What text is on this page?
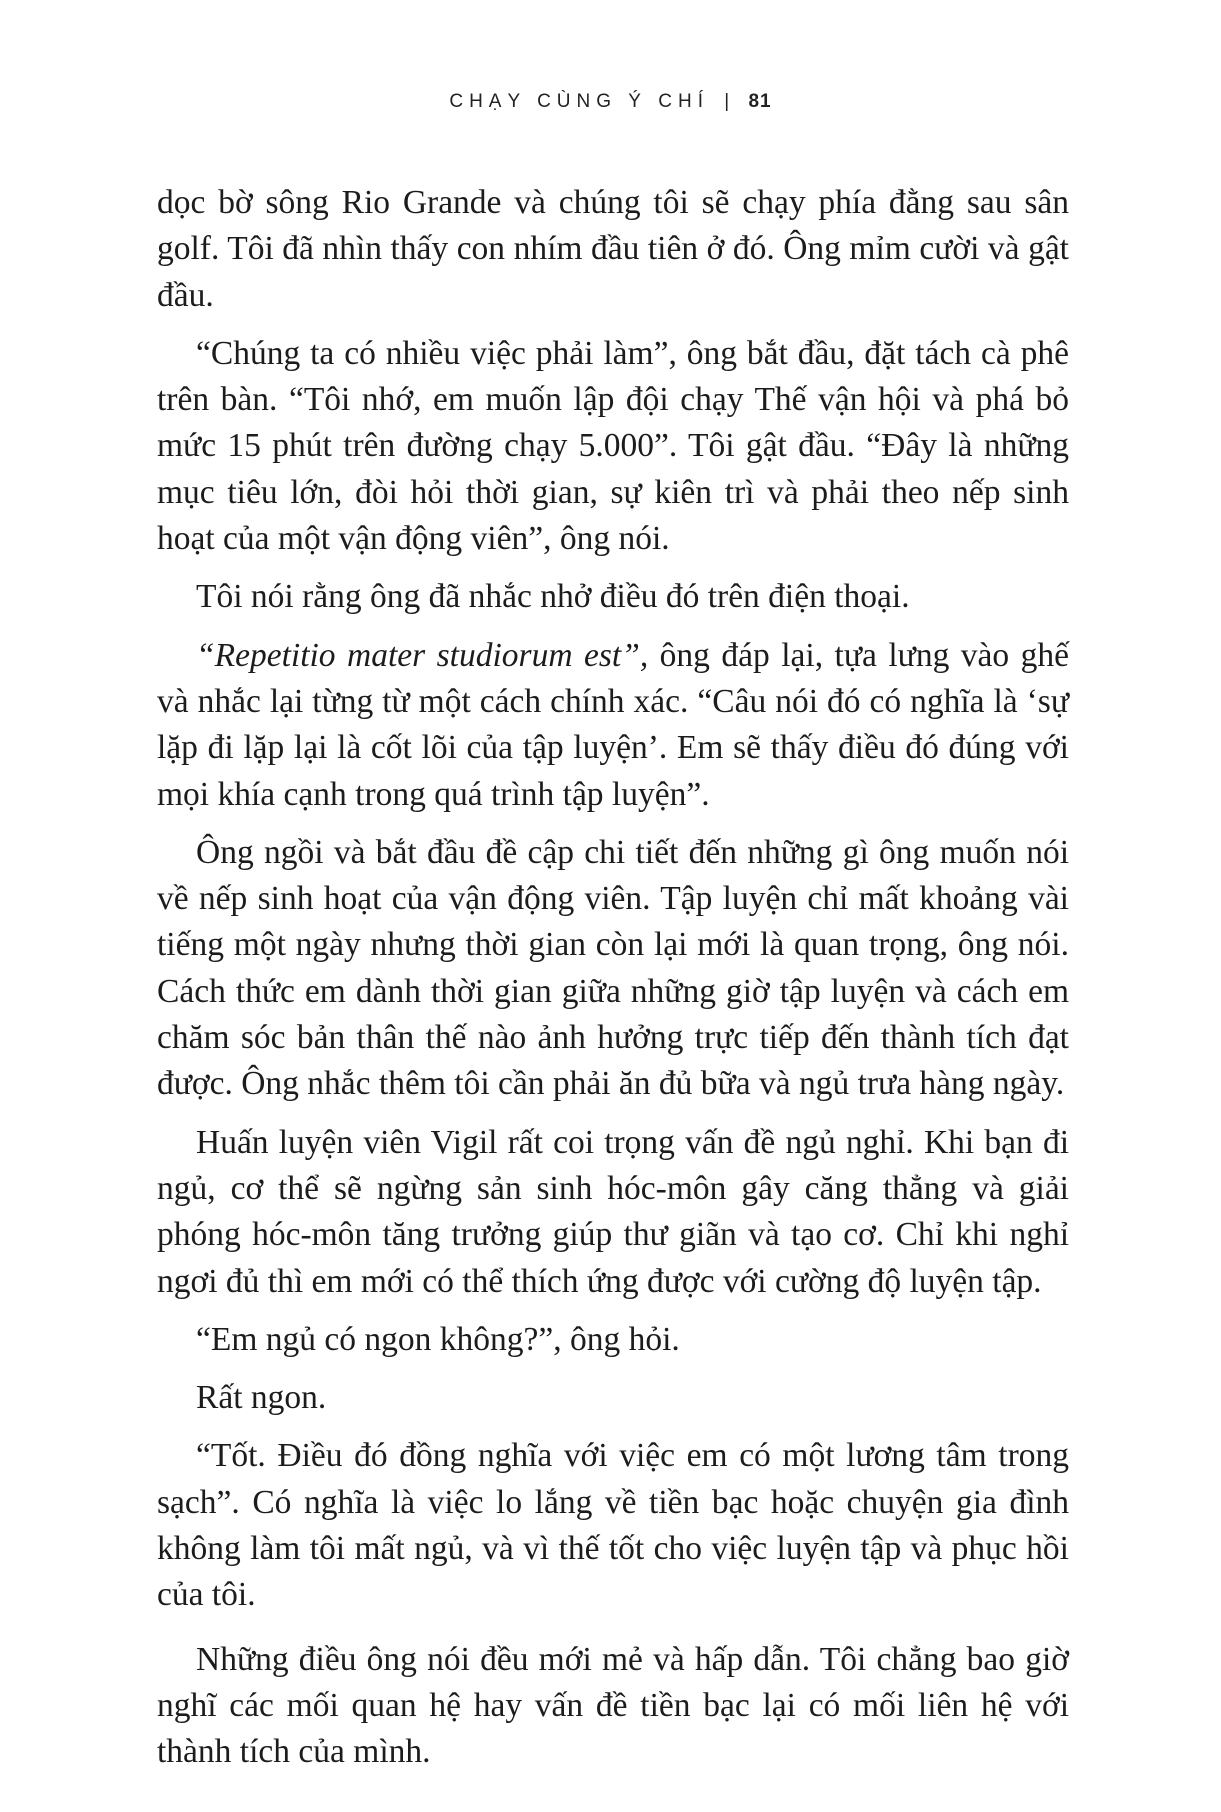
CHẠY CÙNG Ý CHÍ | 81

dọc bờ sông Rio Grande và chúng tôi sẽ chạy phía đằng sau sân golf. Tôi đã nhìn thấy con nhím đầu tiên ở đó. Ông mỉm cười và gật đầu.

“Chúng ta có nhiều việc phải làm”, ông bắt đầu, đặt tách cà phê trên bàn. “Tôi nhớ, em muốn lập đội chạy Thế vận hội và phá bỏ mức 15 phút trên đường chạy 5.000”. Tôi gật đầu. “Đây là những mục tiêu lớn, đòi hỏi thời gian, sự kiên trì và phải theo nếp sinh hoạt của một vận động viên”, ông nói.

Tôi nói rằng ông đã nhắc nhở điều đó trên điện thoại.

“Repetitio mater studiorum est”, ông đáp lại, tựa lưng vào ghế và nhắc lại từng từ một cách chính xác. “Câu nói đó có nghĩa là ‘sự lặp đi lặp lại là cốt lõi của tập luyện’. Em sẽ thấy điều đó đúng với mọi khía cạnh trong quá trình tập luyện”.

Ông ngồi và bắt đầu đề cập chi tiết đến những gì ông muốn nói về nếp sinh hoạt của vận động viên. Tập luyện chỉ mất khoảng vài tiếng một ngày nhưng thời gian còn lại mới là quan trọng, ông nói. Cách thức em dành thời gian giữa những giờ tập luyện và cách em chăm sóc bản thân thế nào ảnh hưởng trực tiếp đến thành tích đạt được. Ông nhắc thêm tôi cần phải ăn đủ bữa và ngủ trưa hàng ngày.

Huấn luyện viên Vigil rất coi trọng vấn đề ngủ nghỉ. Khi bạn đi ngủ, cơ thể sẽ ngừng sản sinh hóc-môn gây căng thẳng và giải phóng hóc-môn tăng trưởng giúp thư giãn và tạo cơ. Chỉ khi nghỉ ngơi đủ thì em mới có thể thích ứng được với cường độ luyện tập.

“Em ngủ có ngon không?”, ông hỏi.

Rất ngon.

“Tốt. Điều đó đồng nghĩa với việc em có một lương tâm trong sạch”. Có nghĩa là việc lo lắng về tiền bạc hoặc chuyện gia đình không làm tôi mất ngủ, và vì thế tốt cho việc luyện tập và phục hồi của tôi.

Những điều ông nói đều mới mẻ và hấp dẫn. Tôi chẳng bao giờ nghĩ các mối quan hệ hay vấn đề tiền bạc lại có mối liên hệ với thành tích của mình.
